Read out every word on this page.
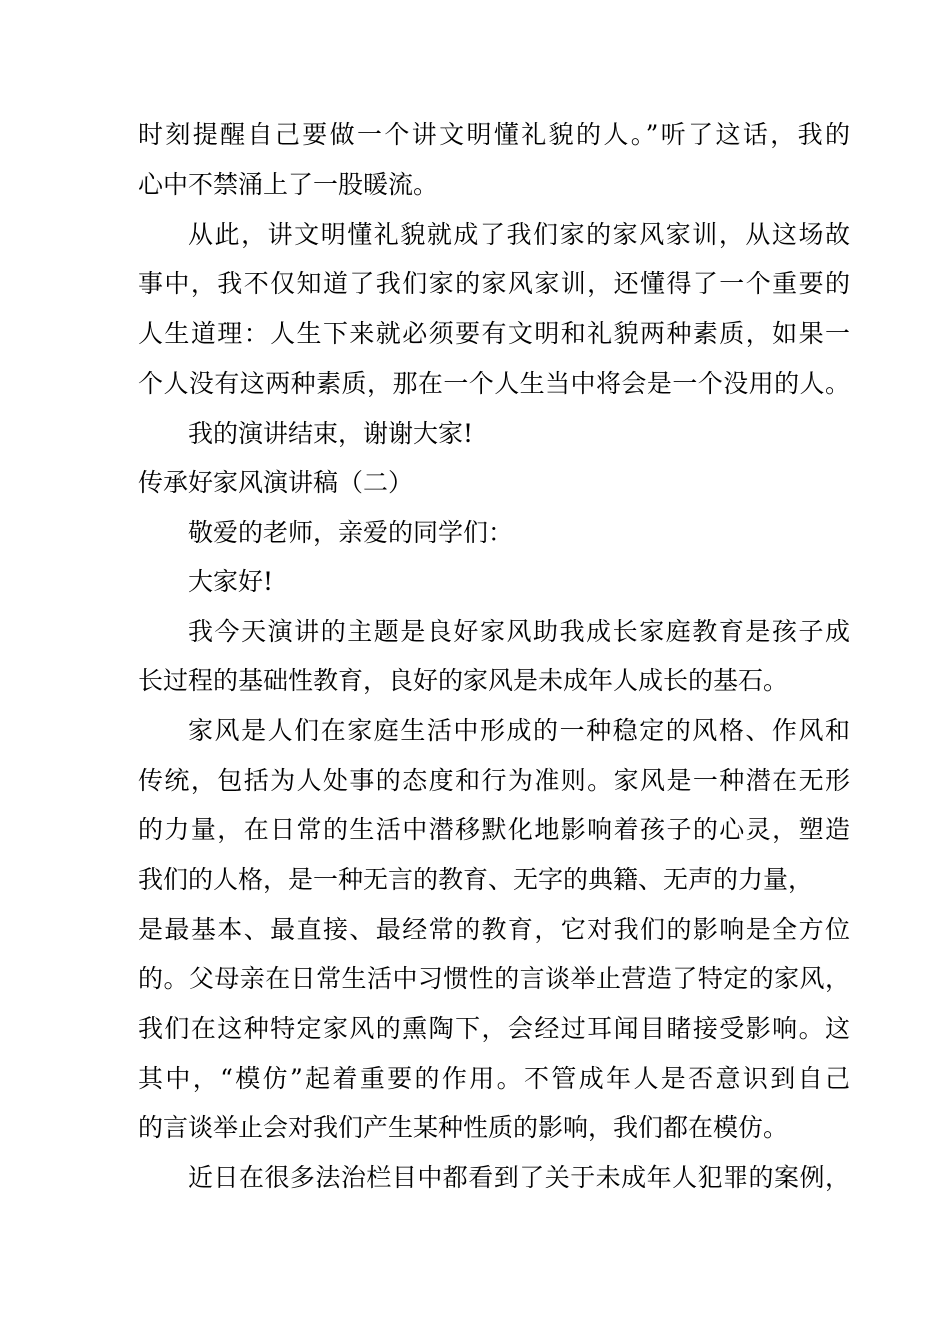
时刻提醒自己要做一个讲文明懂礼貌的人。”听了这话，我的
心中不禁涌上了一股暖流。
从此，讲文明懂礼貌就成了我们家的家风家训，从这场故
事中，我不仅知道了我们家的家风家训，还懂得了一个重要的
人生道理：人生下来就必须要有文明和礼貌两种素质，如果一
个人没有这两种素质，那在一个人生当中将会是一个没用的人。
我的演讲结束，谢谢大家!
传承好家风演讲稿（二）
敬爱的老师，亲爱的同学们：
大家好!
我今天演讲的主题是良好家风助我成长家庭教育是孩子成
长过程的基础性教育，良好的家风是未成年人成长的基石。
家风是人们在家庭生活中形成的一种稳定的风格、作风和
传统，包括为人处事的态度和行为准则。家风是一种潜在无形
的力量，在日常的生活中潜移默化地影响着孩子的心灵，塑造
我们的人格，是一种无言的教育、无字的典籍、无声的力量，
是最基本、最直接、最经常的教育，它对我们的影响是全方位
的。父母亲在日常生活中习惯性的言谈举止营造了特定的家风，
我们在这种特定家风的熏陶下，会经过耳闻目睹接受影响。这
其中，“模仿”起着重要的作用。不管成年人是否意识到自己
的言谈举止会对我们产生某种性质的影响，我们都在模仿。
近日在很多法治栏目中都看到了关于未成年人犯罪的案例，
